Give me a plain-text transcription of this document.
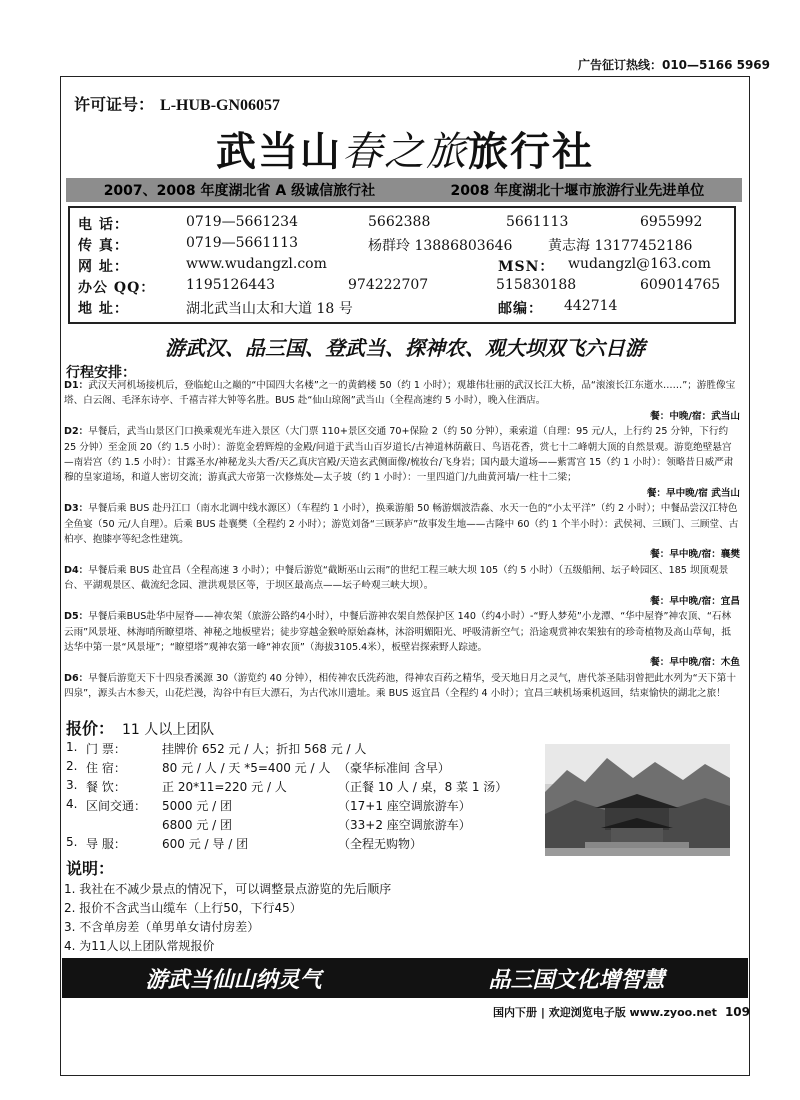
广告征订热线：010—5166 5969
许可证号： L-HUB-GN06057
武当山春之旅旅行社
2007、2008 年度湖北省 A 级诚信旅行社	2008 年度湖北十堰市旅游行业先进单位
电 话：	0719—5661234	5662388	5661113	6955992
传 真：	0719—5661113	杨群玲 13886803646	黄志海 13177452186
网 址：	www.wudangzl.com	MSN： wudangzl@163.com
办公 QQ： 1195126443	974222707	515830188	609014765
地 址：	湖北武当山太和大道 18 号	邮编： 442714
游武汉、品三国、登武当、探神农、观大坝双飞六日游
行程安排：
D1：武汉天河机场接机后，登临蛇山之巅的“中国四大名楼”之一的黄鹤楼 50（约 1 小时）；观雄伟壮丽的武汉长江大桥，品“滚滚长江东逝水……”；游胜像宝塔、白云阁、毛泽东诗亭、千禧吉祥大钟等名胜。BUS 赴“仙山琼阁”武当山（全程高速约 5 小时），晚入住酒店。
餐：中晚/宿：武当山
D2：早餐后，武当山景区门口换乘观光车进入景区（大门票 110+景区交通 70+保险 2（约 50 分钟），乘索道（自理：95 元/人，上行约 25 分钟，下行约 25 分钟）至金顶 20（约 1.5 小时）：游览金碧辉煌的金殿/问道于武当山百岁道长/古神道林荫蔽日、鸟语花香，赏七十二峰朝大顶的自然景观。游览绝壁悬宫—南岩宫（约 1.5 小时）：甘露圣水/神秘龙头大香/天乙真庆宫殿/天造玄武侧面像/梳妆台/飞身岩；国内最大道场——紫霄宫 15（约 1 小时）：领略昔日威严肃穆的皇家道场，和道人密切交流；游真武大帝第一次修炼处—太子坡（约 1 小时）：一里四道门/九曲黄河墙/一柱十二梁；
餐：早中晚/宿 武当山
D3：早餐后乘 BUS 赴丹江口（南水北调中线水源区）（车程约 1 小时），换乘游船 50 畅游烟波浩淼、水天一色的“小太平洋”（约 2 小时）；中餐品尝汉江特色全鱼宴（50 元/人自理）。后乘 BUS 赴襄樊（全程约 2 小时）；游览刘备“三顾茅庐”故事发生地——古隆中 60（约 1 个半小时）：武侯祠、三顾门、三顾堂、古柏亭、抱膝亭等纪念性建筑。
餐：早中晚/宿：襄樊
D4：早餐后乘 BUS 赴宜昌（全程高速 3 小时）；中餐后游览“截断巫山云雨”的世纪工程三峡大坝 105（约 5 小时）（五级船闸、坛子岭园区、185 坝顶观景台、平湖观景区、截流纪念园、泄洪观景区等，于坝区最高点——坛子岭观三峡大坝）。
餐：早中晚/宿：宜昌
D5：早餐后乘BUS赴华中屋脊——神农架（旅游公路约4小时），中餐后游神农架自然保护区 140（约4小时）-“野人梦苑”小龙潭、“华中屋脊”神农顶、“石林云雨”风景垭、林海哨所瞭望塔、神秘之地板壁岩；徒步穿越金猴岭原始森林，沐浴明媚阳光、呼吸清新空气；沿途观赏神农架独有的珍奇植物及高山草甸，抵达华中第一景“风景垭”；“瞭望塔”观神农第一峰“神农顶”（海拔3105.4米），板壁岩探索野人踪迹。
餐：早中晚/宿：木鱼
D6：早餐后游览天下十四泉香溪源 30（游览约 40 分钟），相传神农氏洗药池，得神农百药之精华，受天地日月之灵气，唐代茶圣陆羽曾把此水列为“天下第十四泉”，源头古木参天，山花烂漫，沟谷中有巨大漂石，为古代冰川遗址。乘 BUS 返宜昌（全程约 4 小时）；宜昌三峡机场乘机返回，结束愉快的湖北之旅！
报价： 11 人以上团队
1. 门 票：	挂牌价 652 元 / 人；折扣 568 元 / 人
2. 住 宿：	80 元 / 人 / 天 *5=400 元 / 人 （豪华标准间 含早）
3. 餐 饮：	正 20*11=220 元 / 人	（正餐 10 人 / 桌，8 菜 1 汤）
4. 区间交通： 5000 元 / 团	（17+1 座空调旅游车）
6800 元 / 团	（33+2 座空调旅游车）
5. 导 服：	600 元 / 导 / 团	（全程无购物）
说明：
1. 我社在不减少景点的情况下，可以调整景点游览的先后顺序
2. 报价不含武当山缆车（上行50，下行45）
3. 不含单房差（单男单女请付房差）
4. 为11人以上团队常规报价
游武当仙山纳灵气	品三国文化增智慧
国内下册 | 欢迎浏览电子版 www.zyoo.net 109
